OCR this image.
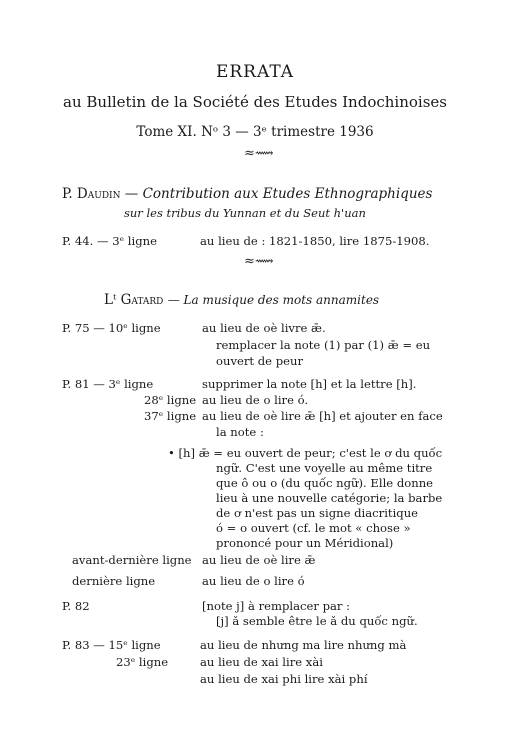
ERRATA
au Bulletin de la Société des Etudes Indochinoises
Tome XI. Nᵒ 3 — 3ᵉ trimestre 1936
≈⟿
P. Daudin — Contribution aux Etudes Ethnographiques
sur les tribus du Yunnan et du Seut h'uan
P. 44. — 3ᵉ ligne	au lieu de : 1821-1850, lire 1875-1908.
≈⟿
Lᵗ Gatard — La musique des mots annamites
P. 75 — 10ᵉ ligne	au lieu de oè livre ǣ.
remplacer la note (1) par (1) ǣ = eu
ouvert de peur
P. 81 — 3ᵉ ligne	supprimer la note [h] et la lettre [h].
28ᵉ ligne au lieu de o lire ó.
37ᵉ ligne au lieu de oè lire ǣ [h] et ajouter en face
la note :
• [h] ǣ = eu ouvert de peur; c'est le ơ du quốc
ngữ. C'est une voyelle au même titre
que ô ou o (du quốc ngữ). Elle donne
lieu à une nouvelle catégorie; la barbe
de ơ n'est pas un signe diacritique
ó = o ouvert (cf. le mot « chose »
prononcé pour un Méridional)
avant-dernière ligne au lieu de oè lire ǣ
dernière ligne	au lieu de o lire ó
P. 82	[note j] à remplacer par :
[j] ǎ semble être le ǎ du quốc ngữ.
P. 83 — 15ᵉ ligne	au lieu de nhưng ma lire nhưng mà
23ᵉ ligne	au lieu de xai lire xài
au lieu de xai phi lire xài phí
